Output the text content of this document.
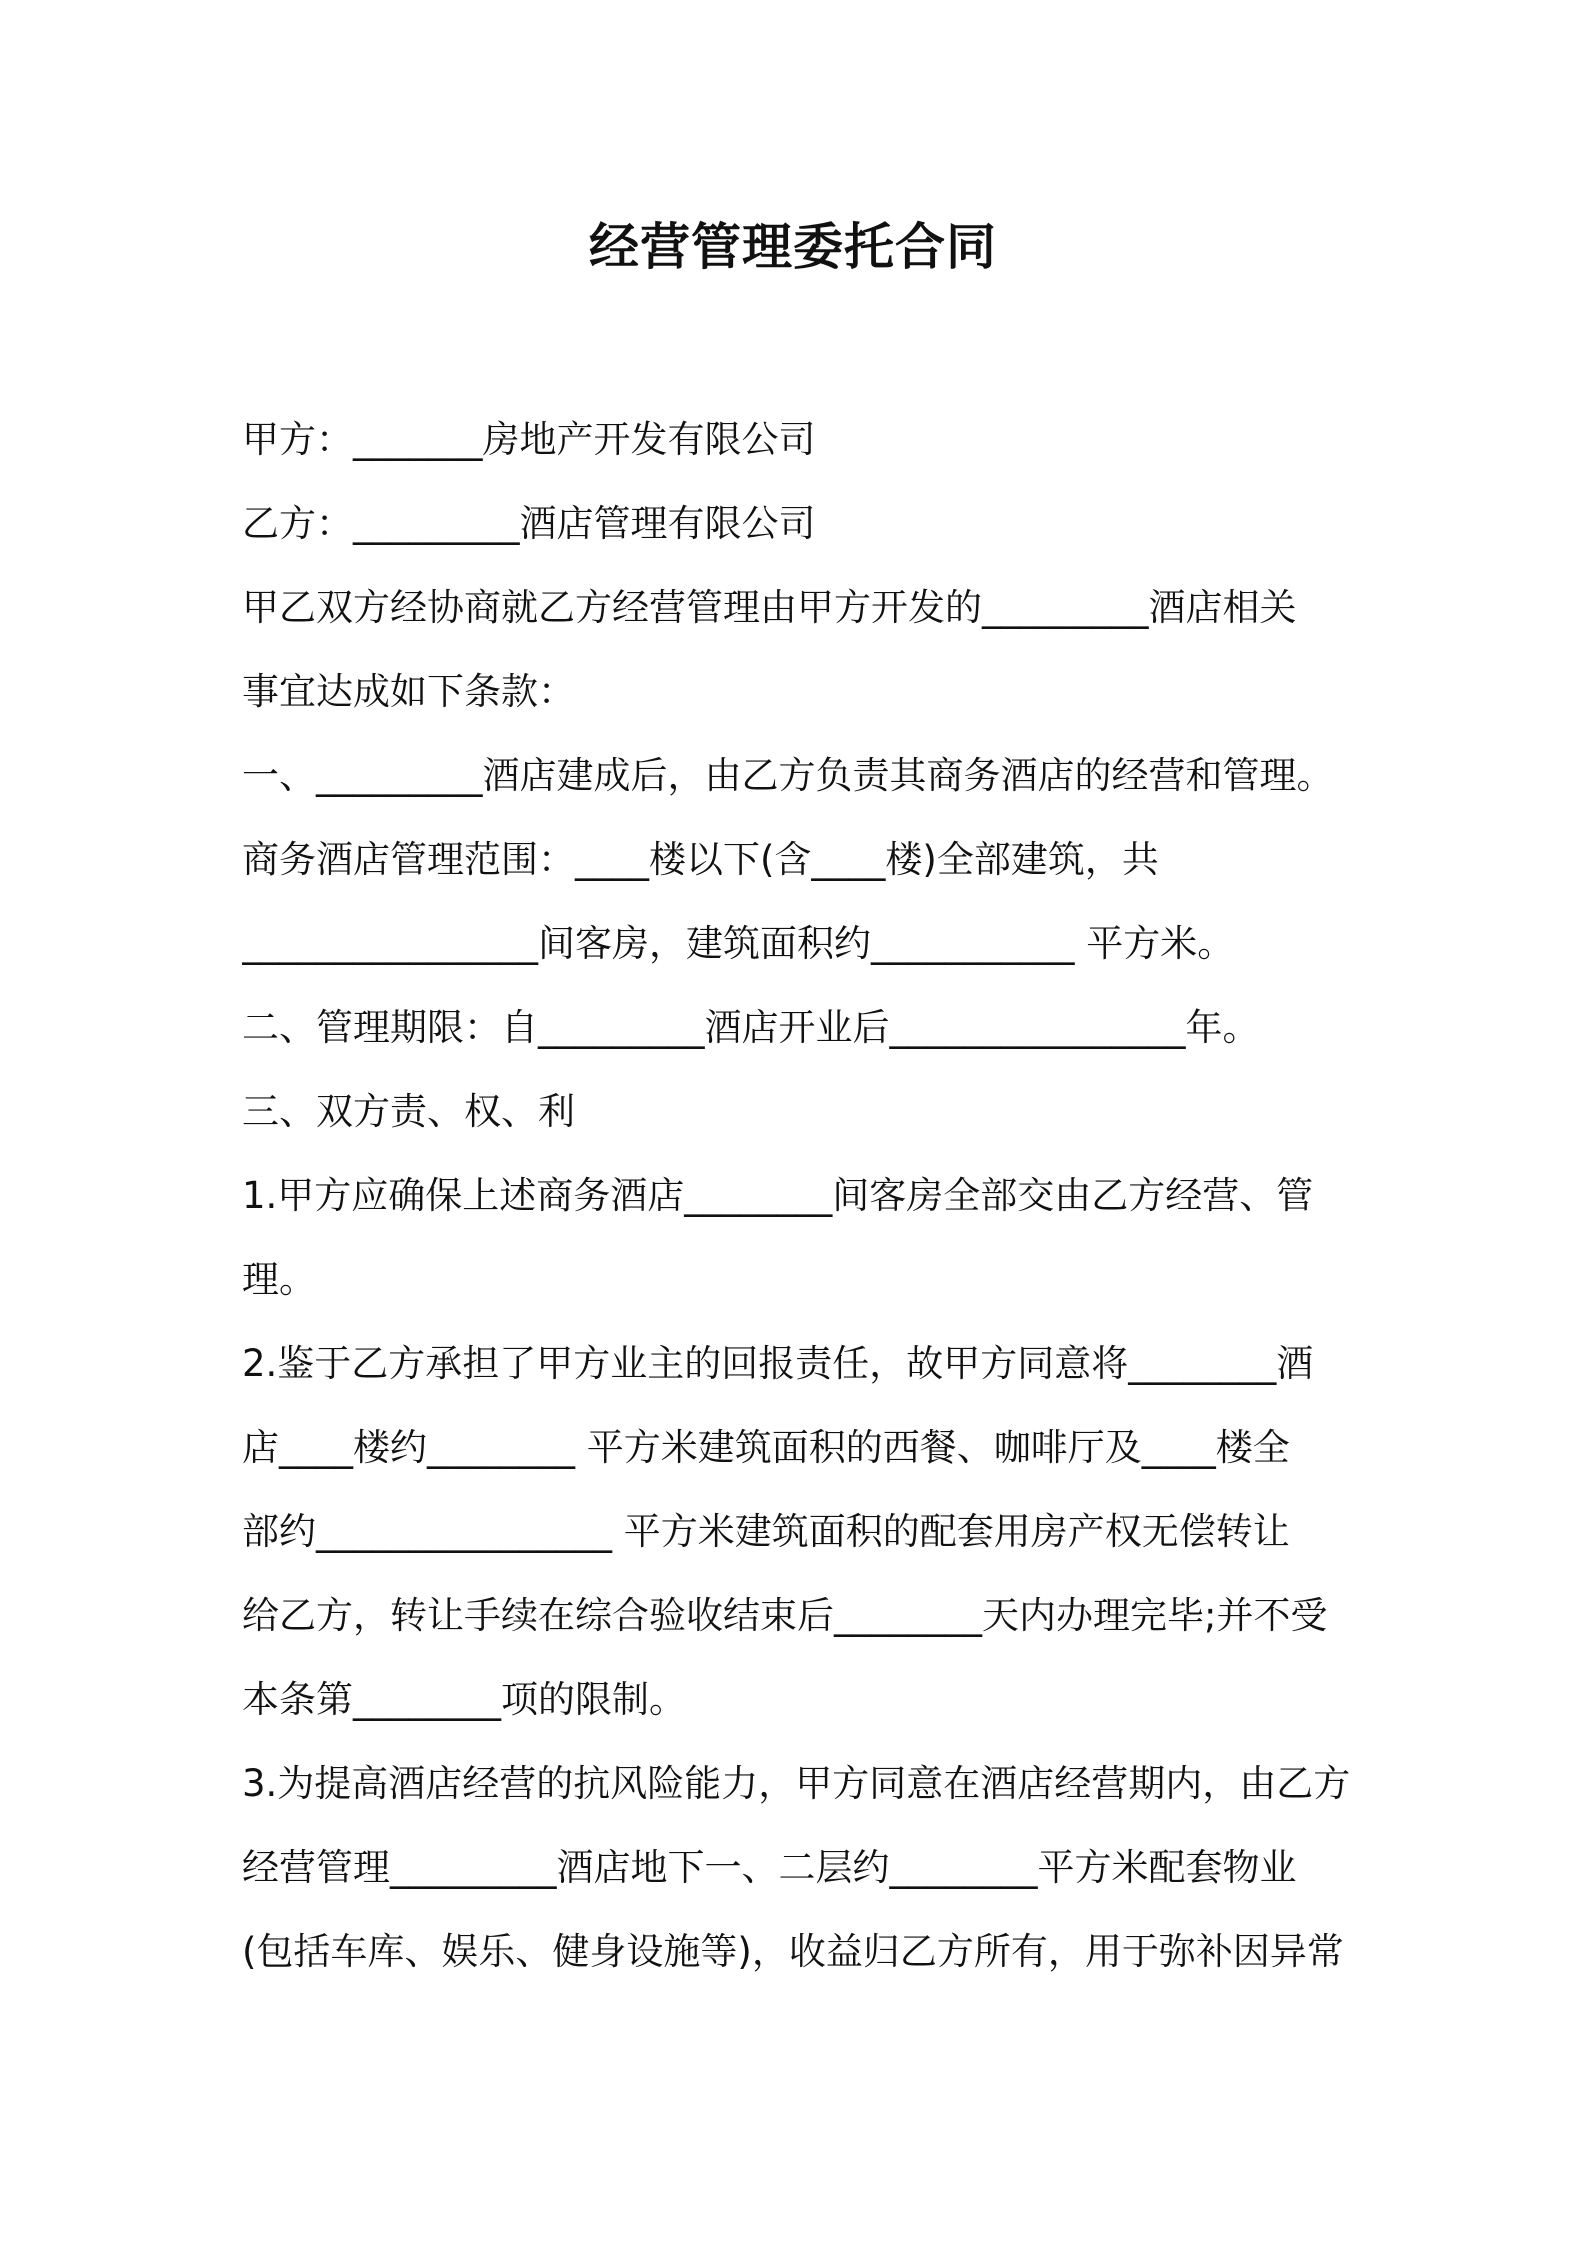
经营管理委托合同
甲方：_______房地产开发有限公司
乙方：_________酒店管理有限公司
甲乙双方经协商就乙方经营管理由甲方开发的_________酒店相关
事宜达成如下条款：
一、_________酒店建成后，由乙方负责其商务酒店的经营和管理。
商务酒店管理范围：____楼以下(含____楼)全部建筑，共
________________间客房，建筑面积约___________ 平方米。
二、管理期限：自_________酒店开业后________________年。
三、双方责、权、利
1.甲方应确保上述商务酒店________间客房全部交由乙方经营、管
理。
2.鉴于乙方承担了甲方业主的回报责任，故甲方同意将________酒
店____楼约________ 平方米建筑面积的西餐、咖啡厅及____楼全
部约________________ 平方米建筑面积的配套用房产权无偿转让
给乙方，转让手续在综合验收结束后________天内办理完毕;并不受
本条第________项的限制。
3.为提高酒店经营的抗风险能力，甲方同意在酒店经营期内，由乙方
经营管理_________酒店地下一、二层约________平方米配套物业
(包括车库、娱乐、健身设施等)，收益归乙方所有，用于弥补因异常
